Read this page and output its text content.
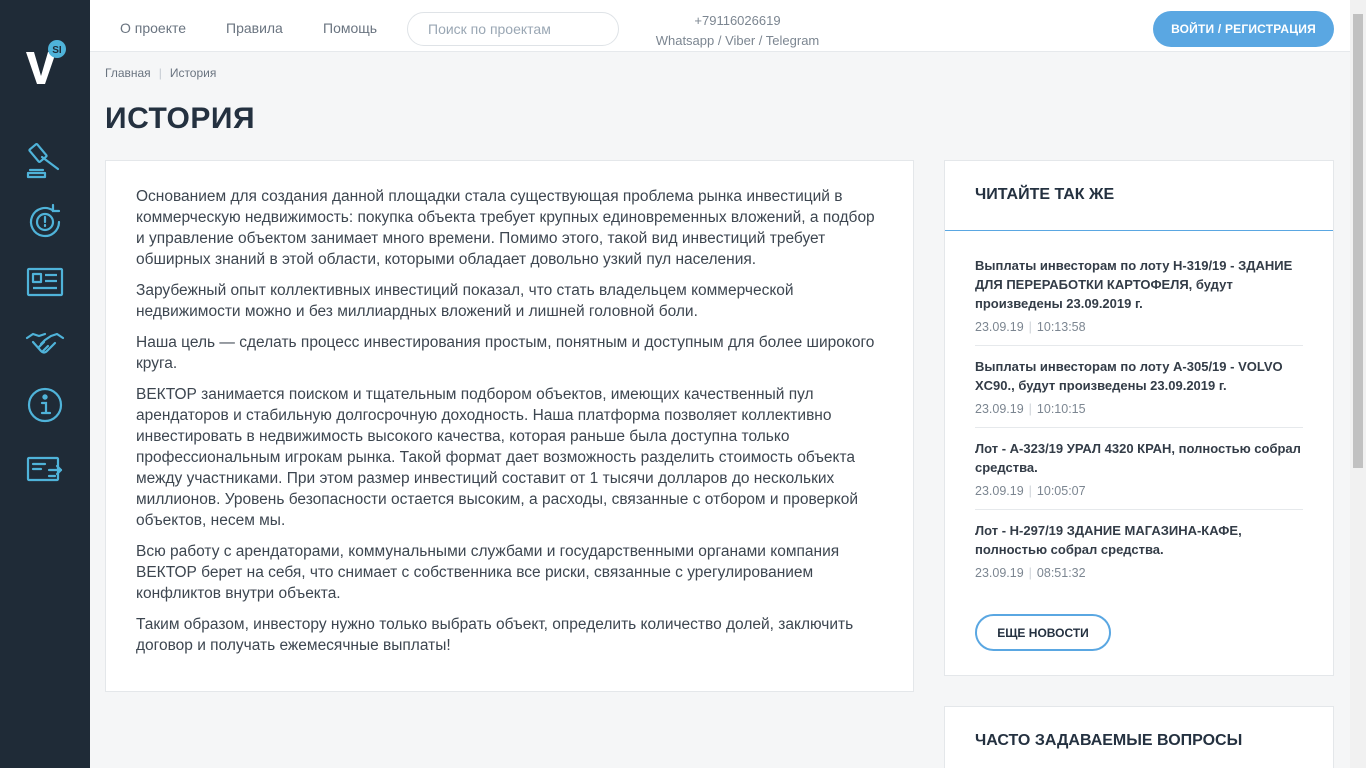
SI
О проекте	Правила	Помощь
Поиск по проектам	+79116026619
Whatsapp / Viber / Telegram
ВОЙТИ / РЕГИСТРАЦИЯ
Главная | История
ИСТОРИЯ

Основанием для создания данной площадки стала существующая проблема рынка инвестиций в коммерческую недвижимость: покупка объекта требует крупных единовременных вложений, а подбор и управление объектом занимает много времени. Помимо этого, такой вид инвестиций требует обширных знаний в этой области, которыми обладает довольно узкий пул населения.

Зарубежный опыт коллективных инвестиций показал, что стать владельцем коммерческой недвижимости можно и без миллиардных вложений и лишней головной боли.

Наша цель — сделать процесс инвестирования простым, понятным и доступным для более широкого круга.

ВЕКТОР занимается поиском и тщательным подбором объектов, имеющих качественный пул арендаторов и стабильную долгосрочную доходность. Наша платформа позволяет коллективно инвестировать в недвижимость высокого качества, которая раньше была доступна только профессиональным игрокам рынка. Такой формат дает возможность разделить стоимость объекта между участниками. При этом размер инвестиций составит от 1 тысячи долларов до нескольких миллионов. Уровень безопасности остается высоким, а расходы, связанные с отбором и проверкой объектов, несем мы.

Всю работу с арендаторами, коммунальными службами и государственными органами компания ВЕКТОР берет на себя, что снимает с собственника все риски, связанные с урегулированием конфликтов внутри объекта.

Таким образом, инвестору нужно только выбрать объект, определить количество долей, заключить договор и получать ежемесячные выплаты!

ЧИТАЙТЕ ТАК ЖЕ
Выплаты инвесторам по лоту Н-319/19 - ЗДАНИЕ ДЛЯ ПЕРЕРАБОТКИ КАРТОФЕЛЯ, будут произведены 23.09.2019 г.
23.09.19 | 10:13:58
Выплаты инвесторам по лоту А-305/19 - VOLVO XC90., будут произведены 23.09.2019 г.
23.09.19 | 10:10:15
Лот - А-323/19 УРАЛ 4320 КРАН, полностью собрал средства.
23.09.19 | 10:05:07
Лот - Н-297/19 ЗДАНИЕ МАГАЗИНА-КАФЕ, полностью собрал средства.
23.09.19 | 08:51:32
ЕЩЕ НОВОСТИ
ЧАСТО ЗАДАВАЕМЫЕ ВОПРОСЫ
